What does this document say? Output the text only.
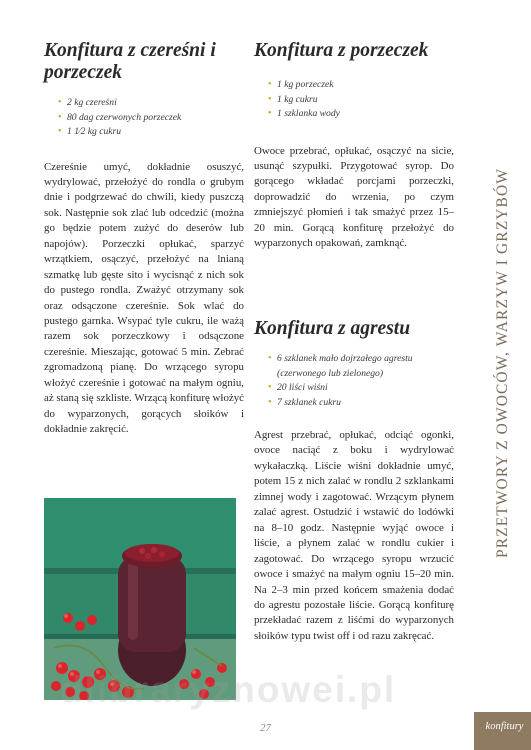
Konfitura z czereśni i porzeczek
• 2 kg czereśni
• 80 dag czerwonych porzeczek
• 1 1⁄2 kg cukru

Czereśnie umyć, dokładnie osuszyć, wydrylować, przełożyć do rondla o grubym dnie i podgrzewać do chwili, kiedy puszczą sok. Następnie sok zlać lub odcedzić (można go będzie potem zużyć do deserów lub napojów). Porzeczki opłukać, sparzyć wrzątkiem, osączyć, przełożyć na lnianą szmatkę lub gęste sito i wycisnąć z nich sok do pustego rondla. Zważyć otrzymany sok oraz odsączone czereśnie. Sok wlać do pustego garnka. Wsypać tyle cukru, ile ważą razem sok porzeczkowy i odsączone czereśnie. Mieszając, gotować 5 min. Zebrać zgromadzoną pianę. Do wrzącego syropu włożyć czereśnie i gotować na małym ogniu, aż staną się szkliste. Wrzącą konfiturę włożyć do wyparzonych, gorących słoików i dokładnie zakręcić.

Konfitura z porzeczek
• 1 kg porzeczek
• 1 kg cukru
• 1 szklanka wody

Owoce przebrać, opłukać, osączyć na sicie, usunąć szypułki. Przygotować syrop. Do gorącego wkładać porcjami porzeczki, doprowadzić do wrzenia, po czym zmniejszyć płomień i tak smażyć przez 15–20 min. Gorącą konfiturę przełożyć do wyparzonych opakowań, zamknąć.

Konfitura z agrestu
• 6 szklanek mało dojrzałego agrestu (czerwonego lub zielonego)
• 20 liści wiśni
• 7 szklanek cukru

Agrest przebrać, opłukać, odciąć ogonki, ovoce naciąć z boku i wydrylować wykałaczką. Liście wiśni dokładnie umyć, potem 15 z nich zalać w rondlu 2 szklankami zimnej wody i zagotować. Wrzącym płynem zalać agrest. Ostudzić i wstawić do lodówki na 8–10 godz. Następnie wyjąć owoce i liście, a płynem zalać w rondlu cukier i zagotować. Do wrzącego syropu wrzucić owoce i smażyć na małym ogniu 15–20 min. Na 2–3 min przed końcem smażenia dodać do agrestu pozostałe liście. Gorącą konfiturę przekładać razem z liśćmi do wyparzonych słoików typu twist off i od razu zakręcać.

PRZETWORY Z OWOCÓW, WARZYW I GRZYBÓW
konfitury
dlibraryznowei.pl
27
